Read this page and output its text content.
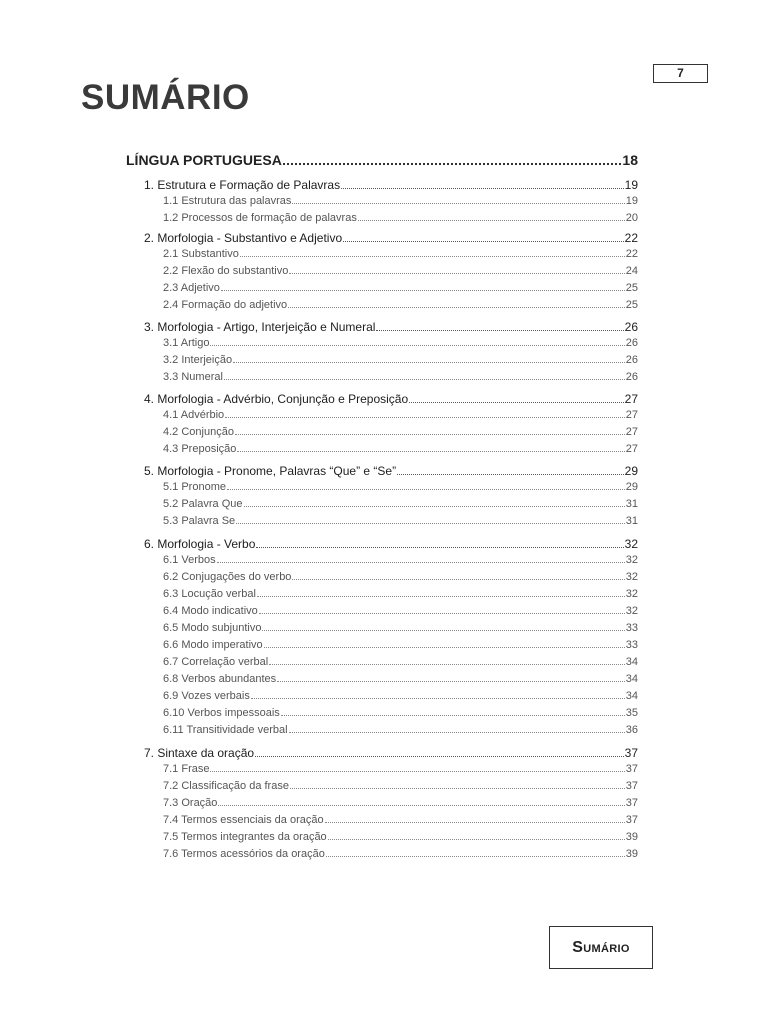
7
SUMÁRIO
LÍNGUA PORTUGUESA	18
1. Estrutura e Formação de Palavras	19
1.1 Estrutura das palavras	19
1.2 Processos de formação de palavras	20
2. Morfologia - Substantivo e Adjetivo	22
2.1 Substantivo	22
2.2 Flexão do substantivo	24
2.3 Adjetivo	25
2.4 Formação do adjetivo	25
3. Morfologia - Artigo, Interjeição e Numeral	26
3.1 Artigo	26
3.2 Interjeição	26
3.3 Numeral	26
4. Morfologia - Advérbio, Conjunção e Preposição	27
4.1 Advérbio	27
4.2 Conjunção	27
4.3 Preposição	27
5. Morfologia - Pronome, Palavras “Que” e “Se”	29
5.1 Pronome	29
5.2 Palavra Que	31
5.3 Palavra Se	31
6. Morfologia - Verbo	32
6.1 Verbos	32
6.2 Conjugações do verbo	32
6.3 Locução verbal	32
6.4 Modo indicativo	32
6.5 Modo subjuntivo	33
6.6 Modo imperativo	33
6.7 Correlação verbal	34
6.8 Verbos abundantes	34
6.9 Vozes verbais	34
6.10 Verbos impessoais	35
6.11 Transitividade verbal	36
7. Sintaxe da oração	37
7.1 Frase	37
7.2 Classificação da frase	37
7.3 Oração	37
7.4 Termos essenciais da oração	37
7.5 Termos integrantes da oração	39
7.6 Termos acessórios da oração	39
Sumário
